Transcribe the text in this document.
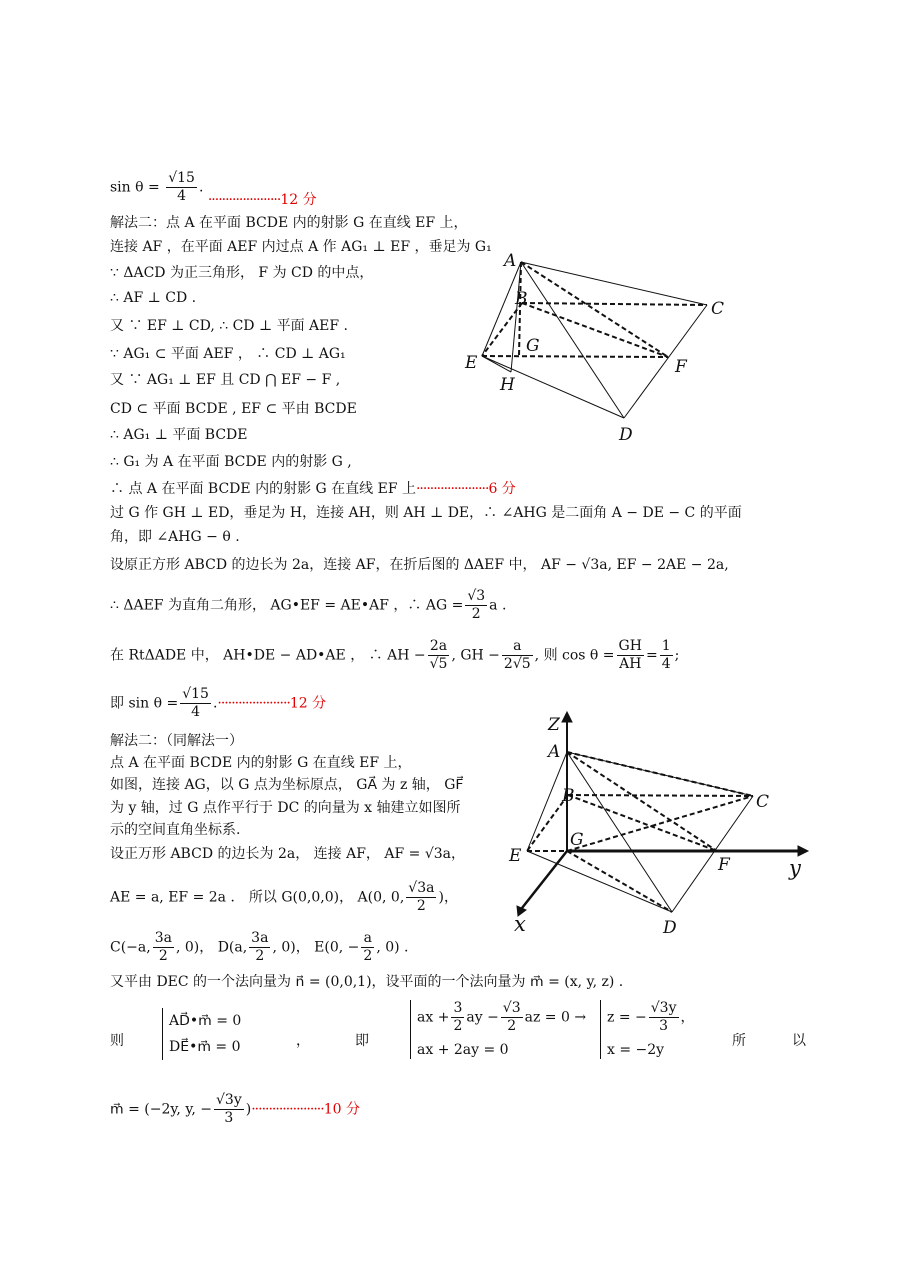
$\sin \theta = \frac{√15}{4}$ . ·····················12 分
解法二：点 A 在平面 BCDE 内的射影 G 在直线 EF 上，
连接 AF ，在平面 AEF 内过点 A 作 AG₁ ⊥ EF ，垂足为 G₁
∵ ΔACD 为正三角形， F 为 CD 的中点，
∴ AF ⊥ CD .
又 ∵ EF ⊥ CD, ∴ CD ⊥ 平面 AEF .
∵ AG₁ ⊂ 平面 AEF ， ∴ CD ⊥ AG₁
又 ∵ AG₁ ⊥ EF 且 CD ⋂ EF − F ,
CD ⊂ 平面 BCDE , EF ⊂ 平由 BCDE
∴ AG₁ ⊥ 平面 BCDE
∴ G₁ 为 A 在平面 BCDE 内的射影 G ,
∴ 点 A 在平面 BCDE 内的射影 G 在直线 EF 上·····················6 分
过 G 作 GH ⊥ ED，垂足为 H，连接 AH，则 AH ⊥ DE，∴ ∠AHG 是二面角 A − DE − C 的平面
角，即 ∠AHG − θ .
设原正方形 ABCD 的边长为 2a，连接 AF，在折后图的 ΔAEF 中， AF − √3a, EF − 2AE − 2a,
∴ ΔAEF 为直角二角形， AG•EF = AE•AF ，∴ AG = $\frac{√3}{2}$ a .
在 RtΔADE 中， AH•DE − AD•AE ， ∴ AH − $\frac{2a}{√5}$ , GH − $\frac{a}{2√5}$ , 则 $\cos \theta = \frac{GH}{AH} = \frac{1}{4}$ ;
即 $\sin \theta = \frac{√15}{4} .\cdot\cdot\cdot\cdot\cdot\cdot\cdot\cdot\cdot\cdot\cdot\cdot\cdot\cdot\cdot\cdot\cdot\cdot\cdot\cdot\cdot 12$ 分
解法二：（同解法一）
点 A 在平面 BCDE 内的射影 G 在直线 EF 上，
如图，连接 AG，以 G 点为坐标原点， GA⃗ 为 z 轴， GF⃗
为 y 轴，过 G 点作平行于 DC 的向量为 x 轴建立如图所
示的空间直角坐标系.
设正万形 ABCD 的边长为 2a， 连接 AF， AF = √3a，
AE = a, EF = 2a ． 所以 G(0,0,0)， A(0, 0, $\frac{√3a}{2}$ )，
C(−a, $\frac{3a}{2}$ , 0)， D(a, $\frac{3a}{2}$ , 0)， E(0, − $\frac{a}{2}$ , 0) .
又平由 DEC 的一个法向量为 n⃗ = (0,0,1)，设平面的一个法向量为 m⃗ = (x, y, z) .
则
AD⃗•m⃗ = 0
DE⃗•m⃗ = 0	，	即
ax + $\frac{3}{2}$ ay − $\frac{√3}{2}$ az = 0 →
ax + 2ay = 0
z = − $\frac{√3y}{3}$ ，
x = −2y
所	以
m⃗ = (−2y, y, − $\frac{√3y}{3} )\cdot\cdot\cdot\cdot\cdot\cdot\cdot\cdot\cdot\cdot\cdot\cdot\cdot\cdot\cdot\cdot\cdot\cdot\cdot\cdot\cdot 10$ 分
A
B	C
G
E	F
H
D
Z
A
B	C
G
E	F	y
x	D
